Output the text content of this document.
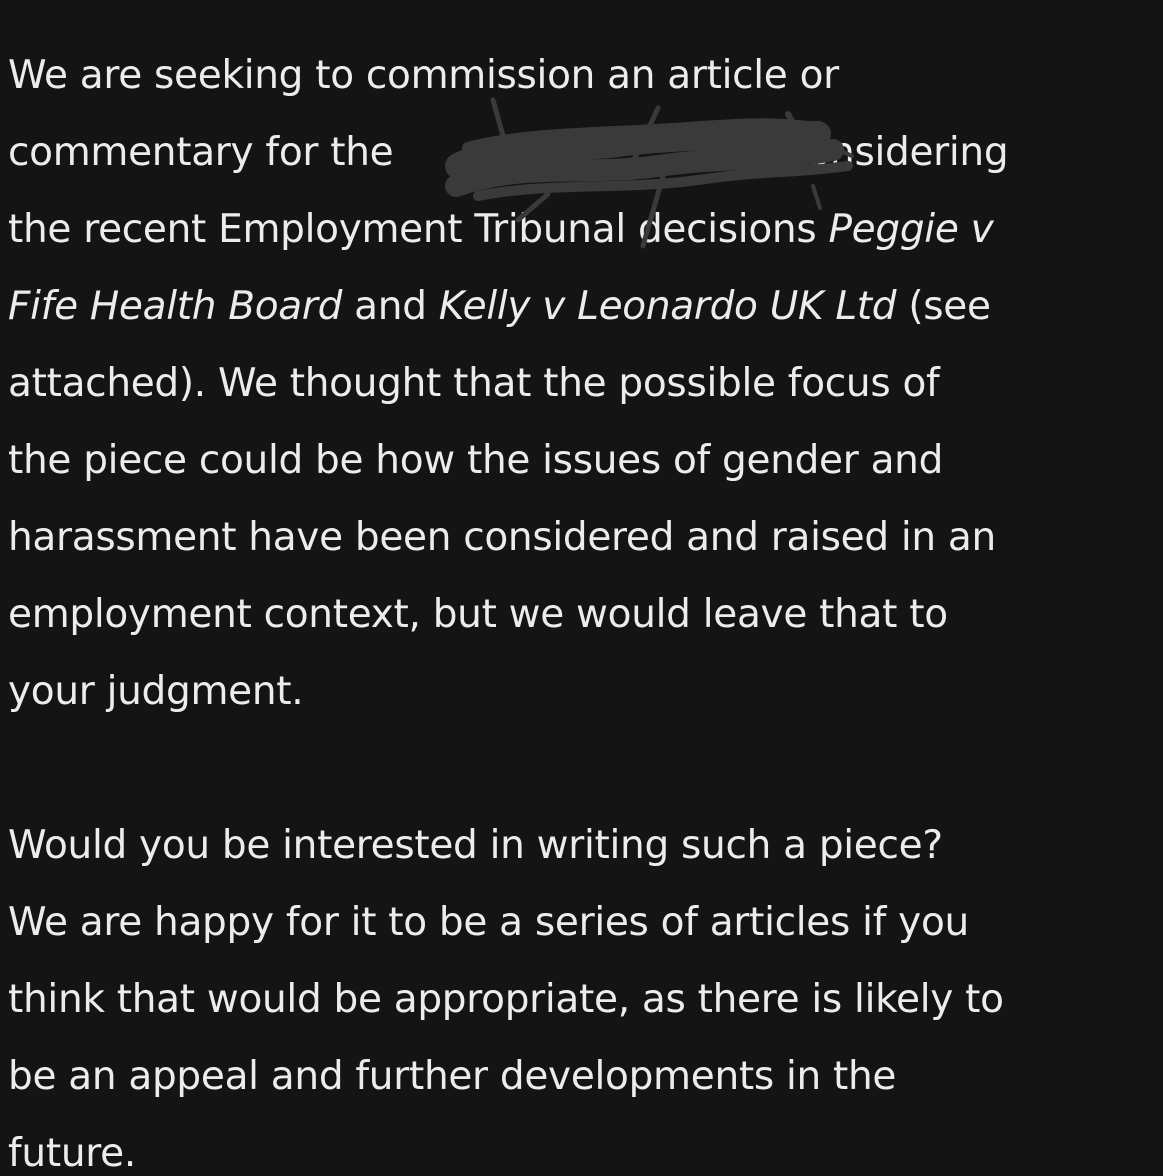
We are seeking to commission an article or
commentary for the	considering
the recent Employment Tribunal decisions Peggie v
Fife Health Board and Kelly v Leonardo UK Ltd (see
attached). We thought that the possible focus of
the piece could be how the issues of gender and
harassment have been considered and raised in an
employment context, but we would leave that to
your judgment.
Would you be interested in writing such a piece?
We are happy for it to be a series of articles if you
think that would be appropriate, as there is likely to
be an appeal and further developments in the
future.
